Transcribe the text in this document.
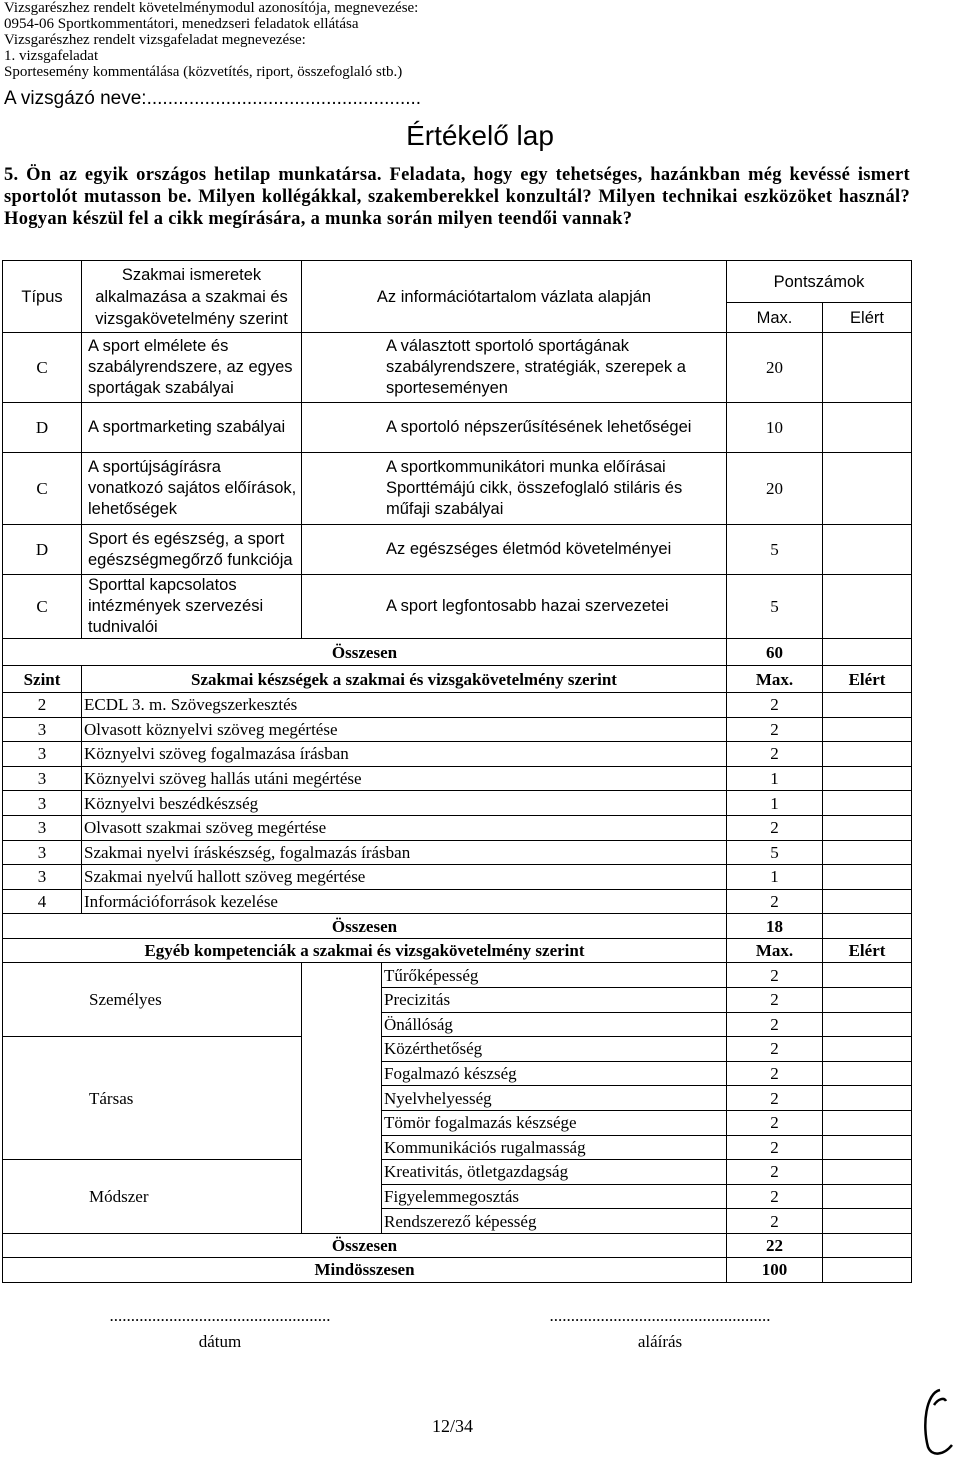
Vizsgarészhez rendelt követelménymodul azonosítója, megnevezése:
0954-06 Sportkommentátori, menedzseri feladatok ellátása
Vizsgarészhez rendelt vizsgafeladat megnevezése:
1. vizsgafeladat
Sportesemény kommentálása (közvetítés, riport, összefoglaló stb.)
A vizsgázó neve:....................................................
Értékelő lap
5. Ön az egyik országos hetilap munkatársa. Feladata, hogy egy tehetséges, hazánkban még kevéssé ismert sportolót mutasson be. Milyen kollégákkal, szakemberekkel konzultál? Milyen technikai eszközöket használ? Hogyan készül fel a cikk megírására, a munka során milyen teendői vannak?
Típus	Szakmai ismeretek alkalmazása a szakmai és vizsgakövetelmény szerint	Az információtartalom vázlata alapján		Pontszámok	
				Max.	Elért
C	A sport elmélete és szabályrendszere, az egyes sportágak szabályai	A választott sportoló sportágának szabályrendszere, stratégiák, szerepek a sporteseményen		20	
D	A sportmarketing szabályai	A sportoló népszerűsítésének lehetőségei		10	
C	A sportújságírásra vonatkozó sajátos előírások, lehetőségek	A sportkommunikátori munka előírásai Sporttémájú cikk, összefoglaló stiláris és műfaji szabályai		20	
D	Sport és egészség, a sport egészségmegőrző funkciója	Az egészséges életmód követelményei		5	
C	Sporttal kapcsolatos intézmények szervezési tudnivalói	A sport legfontosabb hazai szervezetei		5	
Összesen				60	
Szint	Szakmai készségek a szakmai és vizsgakövetelmény szerint			Max.	Elért
2	ECDL 3. m. Szövegszerkesztés			2	
3	Olvasott köznyelvi szöveg megértése			2	
3	Köznyelvi szöveg fogalmazása írásban			2	
3	Köznyelvi szöveg hallás utáni megértése			1	
3	Köznyelvi beszédkészség			1	
3	Olvasott szakmai szöveg megértése			2	
3	Szakmai nyelvi íráskészség, fogalmazás írásban			5	
3	Szakmai nyelvű hallott szöveg megértése			1	
4	Információforrások kezelése			2	
Összesen				18	
Egyéb kompetenciák a szakmai és vizsgakövetelmény szerint				Max.	Elért
Személyes			Tűrőképesség	2	
			Precizitás	2	
			Önállóság	2	
Társas			Közérthetőség	2	
			Fogalmazó készség	2	
			Nyelvhelyesség	2	
			Tömör fogalmazás készsége	2	
			Kommunikációs rugalmasság	2	
Módszer			Kreativitás, ötletgazdagság	2	
			Figyelemmegosztás	2	
			Rendszerező képesség	2	
Összesen				22	
Mindösszesen				100	
....................................................
dátum
....................................................
aláírás
12/34
